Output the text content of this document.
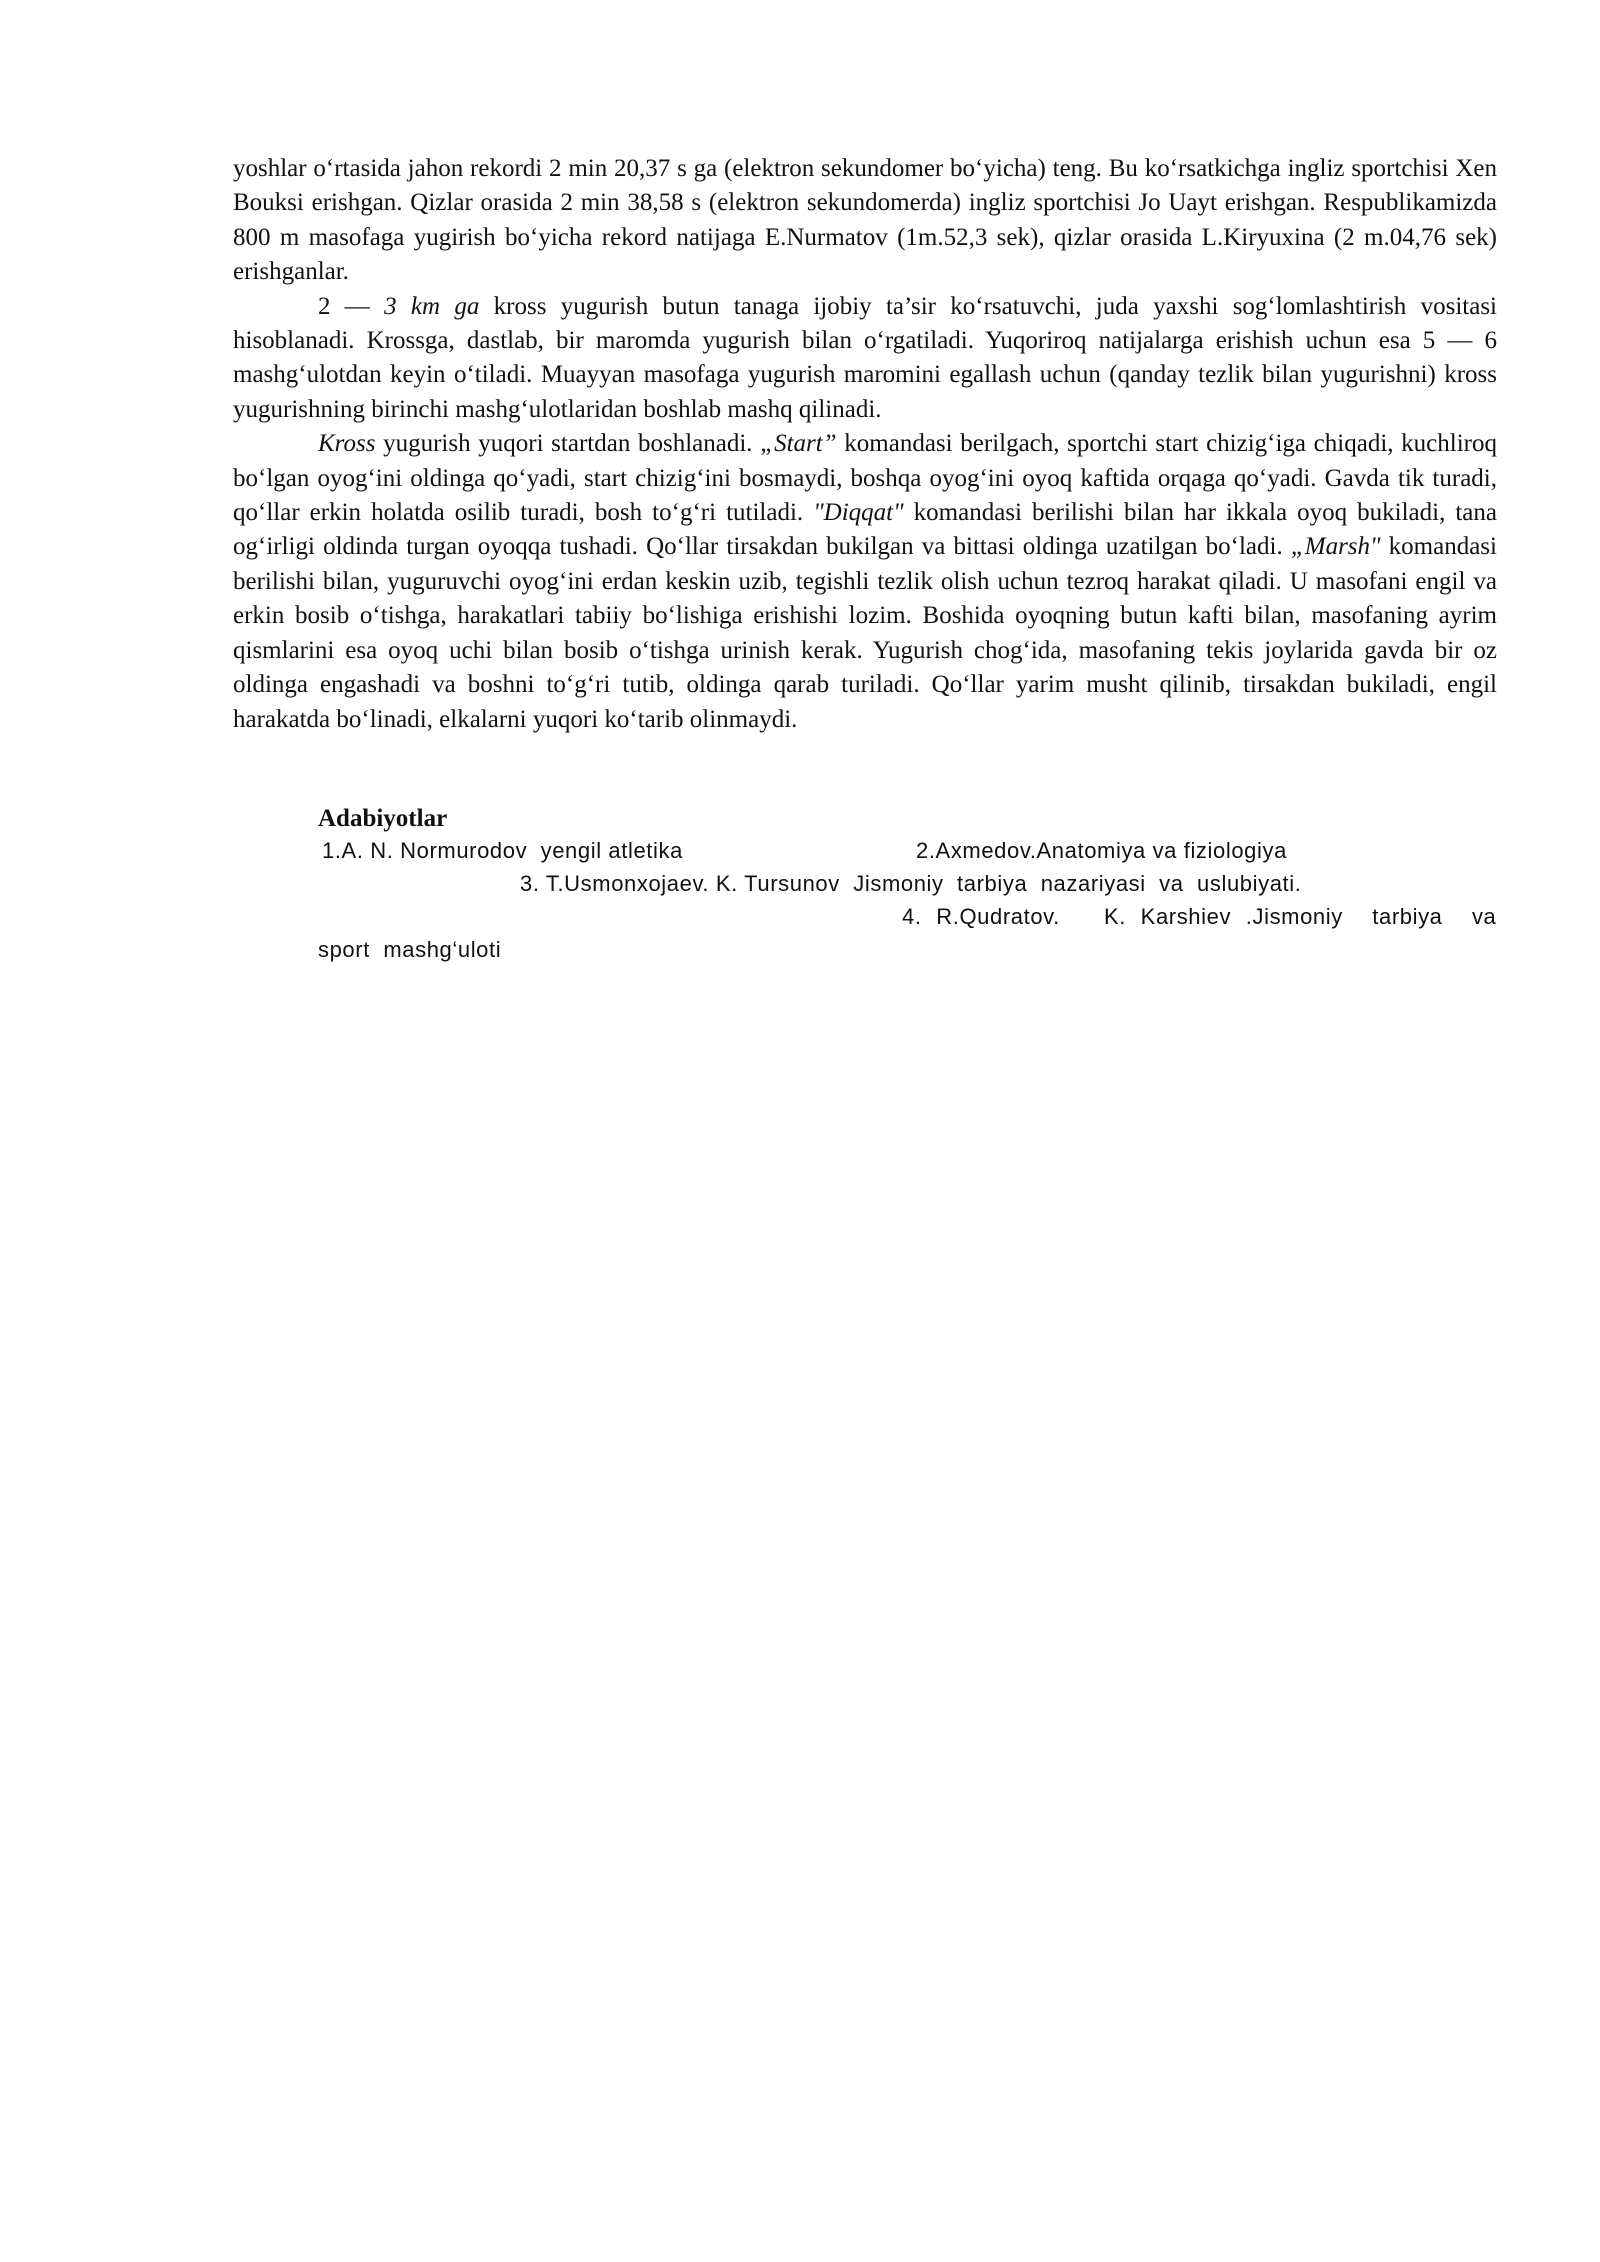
yoshlar o‘rtasida jahon rekordi 2 min 20,37 s ga (elektron sekundomer bo‘yicha) teng. Bu ko‘rsatkichga ingliz sportchisi Xen Bouksi erishgan. Qizlar orasida 2 min 38,58 s (elektron sekundomerda) ingliz sportchisi Jo Uayt erishgan. Respublikamizda 800 m masofaga yugirish bo‘yicha rekord natijaga E.Nurmatov (1m.52,3 sek), qizlar orasida L.Kiryuxina (2 m.04,76 sek) erishganlar.

2 — 3 km ga kross yugurish butun tanaga ijobiy ta’sir ko‘rsatuvchi, juda yaxshi sog‘lomlashtirish vositasi hisoblanadi. Krossga, dastlab, bir maromda yugurish bilan o‘rgatiladi. Yuqoriroq natijalarga erishish uchun esa 5 — 6 mashg‘ulotdan keyin o‘tiladi. Muayyan masofaga yugurish maromini egallash uchun (qanday tezlik bilan yugurishni) kross yugurishning birinchi mashg‘ulotlaridan boshlab mashq qilinadi.

Kross yugurish yuqori startdan boshlanadi. „Start” komandasi berilgach, sportchi start chizig‘iga chiqadi, kuchliroq bo‘lgan oyog‘ini oldinga qo‘yadi, start chizig‘ini bosmaydi, boshqa oyog‘ini oyoq kaftida orqaga qo‘yadi. Gavda tik turadi, qo‘llar erkin holatda osilib turadi, bosh to‘g‘ri tutiladi. "Diqqat" komandasi berilishi bilan har ikkala oyoq bukiladi, tana og‘irligi oldinda turgan oyoqqa tushadi. Qo‘llar tirsakdan bukilgan va bittasi oldinga uzatilgan bo‘ladi. „Marsh" komandasi berilishi bilan, yuguruvchi oyog‘ini erdan keskin uzib, tegishli tezlik olish uchun tezroq harakat qiladi. U masofani engil va erkin bosib o‘tishga, harakatlari tabiiy bo‘lishiga erishishi lozim. Boshida oyoqning butun kafti bilan, masofaning ayrim qismlarini esa oyoq uchi bilan bosib o‘tishga urinish kerak. Yugurish chog‘ida, masofaning tekis joylarida gavda bir oz oldinga engashadi va boshni to‘g‘ri tutib, oldinga qarab turiladi. Qo‘llar yarim musht qilinib, tirsakdan bukiladi, engil harakatda bo‘linadi, elkalarni yuqori ko‘tarib olinmaydi.

Adabiyotlar
1.A. N. Normurodov  yengil atletika	2.Axmedov.Anatomiya va fiziologiya
3. T.Usmonxojaev. K. Tursunov  Jismoniy  tarbiya  nazariyasi  va  uslubiyati.
4. R.Qudratov.   K. Karshiev .Jismoniy  tarbiya  va
sport  mashg‘uloti
